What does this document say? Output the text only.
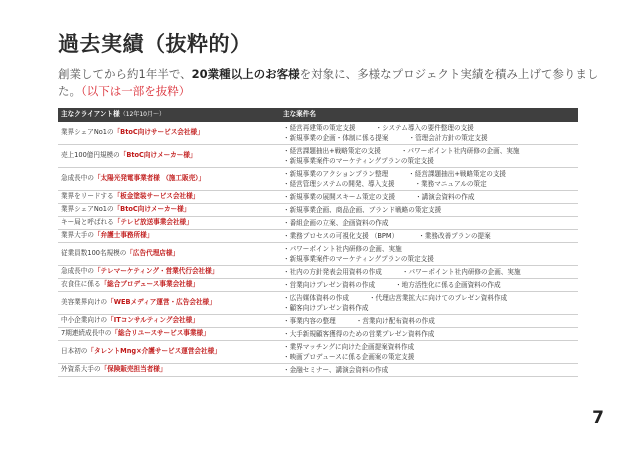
過去実績（抜粋的）
創業してから約1年半で、20業種以上のお客様を対象に、多様なプロジェクト実績を積み上げて参りました。（以下は一部を抜粋）
主なクライアント様（12年10月〜）	主な案件名
業界シェアNo1の「BtoC向けサービス会社様」	・経営再建策の策定支援 ・システム導入の要件整理の支援
・新規事業の企画・体制に係る提案 ・管理会計方針の策定支援

売上100億円規模の「BtoC向けメーカー様」	・経営課題抽出+戦略策定の支援 ・パワーポイント社内研修の企画、実施
・新規事業案件のマーケティングプランの策定支援

急成長中の「太陽光発電事業者様 （施工販売）」	・新規事業のアクションプラン整理 ・経営課題抽出+戦略策定の支援
・経営管理システムの開発、導入支援 ・業務マニュアルの策定

業界をリードする「板金塗装サービス会社様」	・新規事業の展開スキーム策定の支援 ・講演会資料の作成

業界シェアNo1の「BtoC向けメーカー様」	・新規事業企画、商品企画、ブランド戦略の策定支援

キー局と呼ばれる「テレビ放送事業会社様」	・番組企画の立案、企画資料の作成

業界大手の「弁護士事務所様」	・業務プロセスの可視化支援 （BPM） ・業務改善プランの提案

従業員数100名規模の「広告代理店様」	・パワーポイント社内研修の企画、実施
・新規事業案件のマーケティングプランの策定支援

急成長中の「テレマーケティング・営業代行会社様」	・社内の方針発表会用資料の作成 ・パワーポイント社内研修の企画、実施

衣食住に係る「総合プロデュース事業会社様」	・営業向けプレゼン資料の作成 ・地方活性化に係る企画資料の作成

美容業界向けの「WEBメディア運営・広告会社様」	・広告媒体資料の作成 ・代理店営業拡大に向けてのプレゼン資料作成
・顧客向けプレゼン資料作成

中小企業向けの「ITコンサルティング会社様」	・事業内容の整理 ・営業向け配布資料の作成

7期連続成長中の「総合リユースサービス事業様」	・大手新規顧客獲得のための営業プレゼン資料作成

日本初の「タレントMng×介護サービス運営会社様」	・業界マッチングに向けた企画提案資料作成
・映画プロデュースに係る企画案の策定支援

外資系大手の「保険販売担当者様」	・金融セミナー、講演会資料の作成
7
